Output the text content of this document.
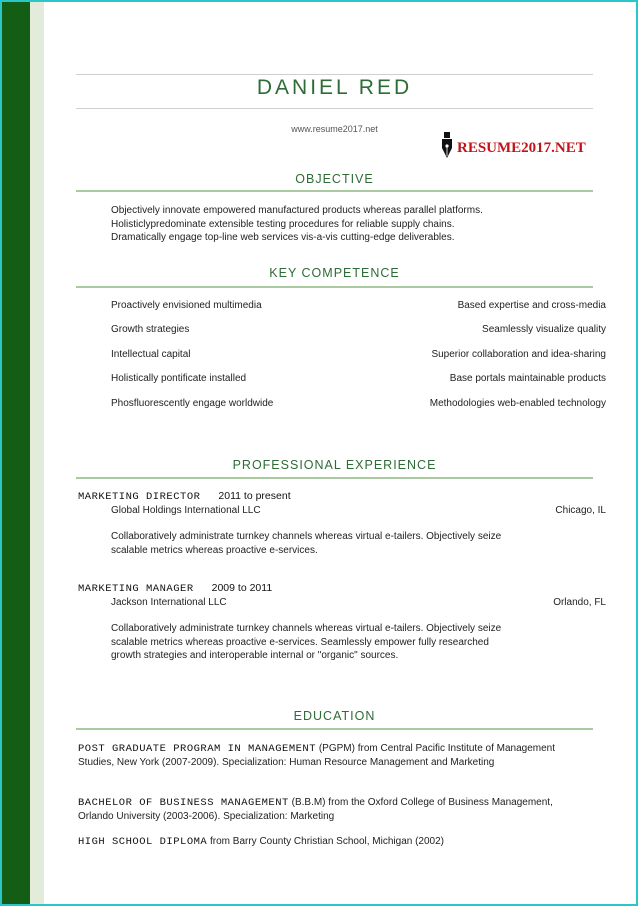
DANIEL RED
www.resume2017.net
RESUME2017.NET
OBJECTIVE
Objectively innovate empowered manufactured products whereas parallel platforms.
Holisticlypredominate extensible testing procedures for reliable supply chains.
Dramatically engage top-line web services vis-a-vis cutting-edge deliverables.
KEY COMPETENCE
Proactively envisioned multimedia
Growth strategies
Intellectual capital
Holistically pontificate installed
Phosfluorescently engage worldwide
Based expertise and cross-media
Seamlessly visualize quality
Superior collaboration and idea-sharing
Base portals maintainable products
Methodologies web-enabled technology
PROFESSIONAL EXPERIENCE
MARKETING DIRECTOR 2011 to present
Global Holdings International LLC	Chicago, IL
Collaboratively administrate turnkey channels whereas virtual e-tailers. Objectively seize
scalable metrics whereas proactive e-services.
MARKETING MANAGER 2009 to 2011
Jackson International LLC	Orlando, FL
Collaboratively administrate turnkey channels whereas virtual e-tailers. Objectively seize
scalable metrics whereas proactive e-services. Seamlessly empower fully researched
growth strategies and interoperable internal or "organic" sources.
EDUCATION
POST GRADUATE PROGRAM IN MANAGEMENT (PGPM) from Central Pacific Institute of Management Studies, New York (2007-2009). Specialization: Human Resource Management and Marketing
BACHELOR OF BUSINESS MANAGEMENT (B.B.M) from the Oxford College of Business Management, Orlando University (2003-2006). Specialization: Marketing
HIGH SCHOOL DIPLOMA from Barry County Christian School, Michigan (2002)
